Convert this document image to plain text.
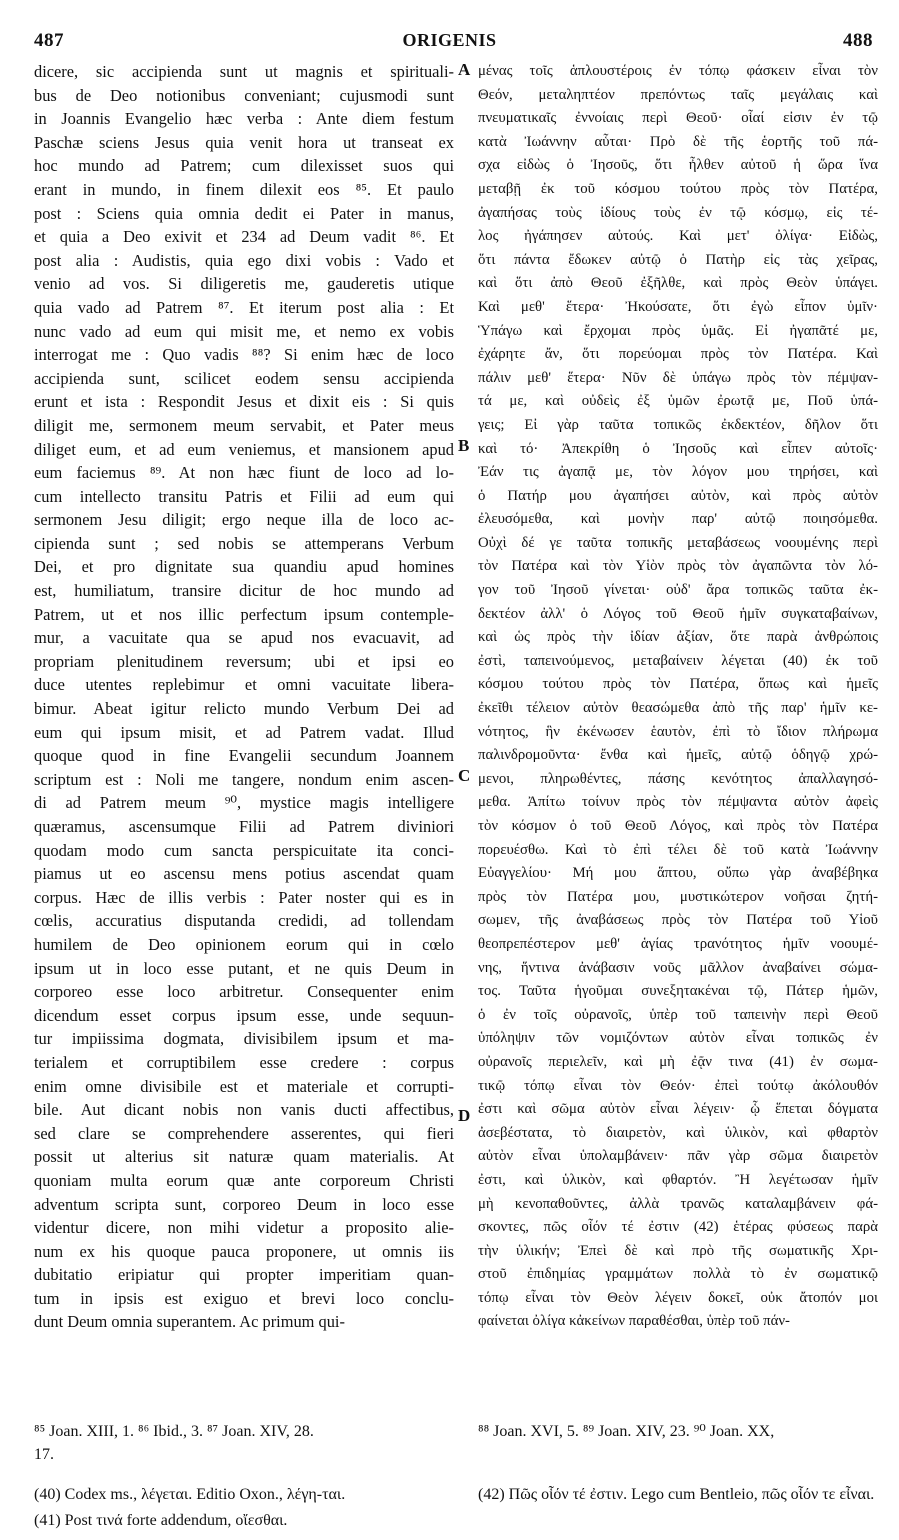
487	ORIGENIS	488
A
B
C
D
dicere, sic accipienda sunt ut magnis et spirituali-
bus de Deo notionibus conveniant; cujusmodi sunt
in Joannis Evangelio hæc verba : Ante diem festum
Paschæ sciens Jesus quia venit hora ut transeat ex
hoc mundo ad Patrem; cum dilexisset suos qui
erant in mundo, in finem dilexit eos ⁸⁵. Et paulo
post : Sciens quia omnia dedit ei Pater in manus,
et quia a Deo exivit et 234 ad Deum vadit ⁸⁶. Et
post alia : Audistis, quia ego dixi vobis : Vado et
venio ad vos. Si diligeretis me, gauderetis utique
quia vado ad Patrem ⁸⁷. Et iterum post alia : Et
nunc vado ad eum qui misit me, et nemo ex vobis
interrogat me : Quo vadis ⁸⁸? Si enim hæc de loco
accipienda sunt, scilicet eodem sensu accipienda
erunt et ista : Respondit Jesus et dixit eis : Si quis
diligit me, sermonem meum servabit, et Pater meus
diliget eum, et ad eum veniemus, et mansionem apud
eum faciemus ⁸⁹. At non hæc fiunt de loco ad lo-
cum intellecto transitu Patris et Filii ad eum qui
sermonem Jesu diligit; ergo neque illa de loco ac-
cipienda sunt ; sed nobis se attemperans Verbum
Dei, et pro dignitate sua quandiu apud homines
est, humiliatum, transire dicitur de hoc mundo ad
Patrem, ut et nos illic perfectum ipsum contemple-
mur, a vacuitate qua se apud nos evacuavit, ad
propriam plenitudinem reversum; ubi et ipsi eo
duce utentes replebimur et omni vacuitate libera-
bimur. Abeat igitur relicto mundo Verbum Dei ad
eum qui ipsum misit, et ad Patrem vadat. Illud
quoque quod in fine Evangelii secundum Joannem
scriptum est : Noli me tangere, nondum enim ascen-
di ad Patrem meum ⁹⁰, mystice magis intelligere
quæramus, ascensumque Filii ad Patrem diviniori
quodam modo cum sancta perspicuitate ita conci-
piamus ut eo ascensu mens potius ascendat quam
corpus. Hæc de illis verbis : Pater noster qui es in
cœlis, accuratius disputanda credidi, ad tollendam
humilem de Deo opinionem eorum qui in cœlo
ipsum ut in loco esse putant, et ne quis Deum in
corporeo esse loco arbitretur. Consequenter enim
dicendum esset corpus ipsum esse, unde sequun-
tur impiissima dogmata, divisibilem ipsum et ma-
terialem et corruptibilem esse credere : corpus
enim omne divisibile est et materiale et corrupti-
bile. Aut dicant nobis non vanis ducti affectibus,
sed clare se comprehendere asserentes, qui fieri
possit ut alterius sit naturæ quam materialis. At
quoniam multa eorum quæ ante corporeum Christi
adventum scripta sunt, corporeo Deum in loco esse
videntur dicere, non mihi videtur a proposito alie-
num ex his quoque pauca proponere, ut omnis iis
dubitatio eripiatur qui propter imperitiam quan-
tum in ipsis est exiguo et brevi loco conclu-
dunt Deum omnia superantem. Ac primum qui-
μένας τοῖς ἁπλουστέροις ἐν τόπῳ φάσκειν εἶναι τὸν
Θεόν, μεταληπτέον πρεπόντως ταῖς μεγάλαις καὶ
πνευματικαῖς ἐννοίαις περὶ Θεοῦ· οἷαί εἰσιν ἐν τῷ
κατὰ Ἰωάννην αὗται· Πρὸ δὲ τῆς ἑορτῆς τοῦ πά-
σχα εἰδὼς ὁ Ἰησοῦς, ὅτι ἦλθεν αὐτοῦ ἡ ὥρα ἵνα
μεταβῇ ἐκ τοῦ κόσμου τούτου πρὸς τὸν Πατέρα,
ἀγαπήσας τοὺς ἰδίους τοὺς ἐν τῷ κόσμῳ, εἰς τέ-
λος ἠγάπησεν αὐτούς. Καὶ μετ' ὀλίγα· Εἰδὼς,
ὅτι πάντα ἔδωκεν αὐτῷ ὁ Πατὴρ εἰς τὰς χεῖρας,
καὶ ὅτι ἀπὸ Θεοῦ ἐξῆλθε, καὶ πρὸς Θεὸν ὑπάγει.
Καὶ μεθ' ἕτερα· Ἠκούσατε, ὅτι ἐγὼ εἶπον ὑμῖν·
Ὑπάγω καὶ ἔρχομαι πρὸς ὑμᾶς. Εἰ ἠγαπᾶτέ με,
ἐχάρητε ἄν, ὅτι πορεύομαι πρὸς τὸν Πατέρα. Καὶ
πάλιν μεθ' ἕτερα· Νῦν δὲ ὑπάγω πρὸς τὸν πέμψαν-
τά με, καὶ οὐδεὶς ἐξ ὑμῶν ἐρωτᾷ με, Ποῦ ὑπά-
γεις; Εἰ γὰρ ταῦτα τοπικῶς ἐκδεκτέον, δῆλον ὅτι
καὶ τό· Ἀπεκρίθη ὁ Ἰησοῦς καὶ εἶπεν αὐτοῖς·
Ἐάν τις ἀγαπᾷ με, τὸν λόγον μου τηρήσει, καὶ
ὁ Πατήρ μου ἀγαπήσει αὐτὸν, καὶ πρὸς αὐτὸν
ἐλευσόμεθα, καὶ μονὴν παρ' αὐτῷ ποιησόμεθα.
Οὐχὶ δέ γε ταῦτα τοπικῆς μεταβάσεως νοουμένης περὶ
τὸν Πατέρα καὶ τὸν Υἱὸν πρὸς τὸν ἀγαπῶντα τὸν λό-
γον τοῦ Ἰησοῦ γίνεται· οὐδ' ἄρα τοπικῶς ταῦτα ἐκ-
δεκτέον ἀλλ' ὁ Λόγος τοῦ Θεοῦ ἡμῖν συγκαταβαίνων,
καὶ ὡς πρὸς τὴν ἰδίαν ἀξίαν, ὅτε παρὰ ἀνθρώποις
ἐστὶ, ταπεινούμενος, μεταβαίνειν λέγεται (40) ἐκ τοῦ
κόσμου τούτου πρὸς τὸν Πατέρα, ὅπως καὶ ἡμεῖς
ἐκεῖθι τέλειον αὐτὸν θεασώμεθα ἀπὸ τῆς παρ' ἡμῖν κε-
νότητος, ἣν ἐκένωσεν ἑαυτὸν, ἐπὶ τὸ ἴδιον πλήρωμα
παλινδρομοῦντα· ἔνθα καὶ ἡμεῖς, αὐτῷ ὁδηγῷ χρώ-
μενοι, πληρωθέντες, πάσης κενότητος ἀπαλλαγησό-
μεθα. Ἀπίτω τοίνυν πρὸς τὸν πέμψαντα αὐτὸν ἀφεὶς
τὸν κόσμον ὁ τοῦ Θεοῦ Λόγος, καὶ πρὸς τὸν Πατέρα
πορευέσθω. Καὶ τὸ ἐπὶ τέλει δὲ τοῦ κατὰ Ἰωάννην
Εὐαγγελίου· Μή μου ἅπτου, οὔπω γὰρ ἀναβέβηκα
πρὸς τὸν Πατέρα μου, μυστικώτερον νοῆσαι ζητή-
σωμεν, τῆς ἀναβάσεως πρὸς τὸν Πατέρα τοῦ Υἱοῦ
θεοπρεπέστερον μεθ' ἁγίας τρανότητος ἡμῖν νοουμέ-
νης, ἥντινα ἀνάβασιν νοῦς μᾶλλον ἀναβαίνει σώμα-
τος. Ταῦτα ἡγοῦμαι συνεξητακέναι τῷ, Πάτερ ἡμῶν,
ὁ ἐν τοῖς οὐρανοῖς, ὑπὲρ τοῦ ταπεινὴν περὶ Θεοῦ
ὑπόληψιν τῶν νομιζόντων αὐτὸν εἶναι τοπικῶς ἐν
οὐρανοῖς περιελεῖν, καὶ μὴ ἐᾷν τινα (41) ἐν σωμα-
τικῷ τόπῳ εἶναι τὸν Θεόν· ἐπεὶ τούτῳ ἀκόλουθόν
ἐστι καὶ σῶμα αὐτὸν εἶναι λέγειν· ᾧ ἕπεται δόγματα
ἀσεβέστατα, τὸ διαιρετὸν, καὶ ὑλικὸν, καὶ φθαρτὸν
αὐτὸν εἶναι ὑπολαμβάνειν· πᾶν γὰρ σῶμα διαιρετὸν
ἐστι, καὶ ὑλικὸν, καὶ φθαρτόν. Ἢ λεγέτωσαν ἡμῖν
μὴ κενοπαθοῦντες, ἀλλὰ τρανῶς καταλαμβάνειν φά-
σκοντες, πῶς οἷόν τέ ἐστιν (42) ἑτέρας φύσεως παρὰ
τὴν ὑλικήν; Ἐπεὶ δὲ καὶ πρὸ τῆς σωματικῆς Χρι-
στοῦ ἐπιδημίας γραμμάτων πολλὰ τὸ ἐν σωματικῷ
τόπῳ εἶναι τὸν Θεὸν λέγειν δοκεῖ, οὐκ ἄτοπόν μοι
φαίνεται ὀλίγα κἀκείνων παραθέσθαι, ὑπὲρ τοῦ πάν-
⁸⁵ Joan. XIII, 1. ⁸⁶ Ibid., 3. ⁸⁷ Joan. XIV, 28.
17.
⁸⁸ Joan. XVI, 5. ⁸⁹ Joan. XIV, 23. ⁹⁰ Joan. XX,
(40) Codex ms., λέγεται. Editio Oxon., λέγη-ται.
(41) Post τινά forte addendum, οἴεσθαι.
(42) Πῶς οἷόν τέ ἐστιν. Lego cum Bentleio, πῶς οἷόν τε εἶναι.
